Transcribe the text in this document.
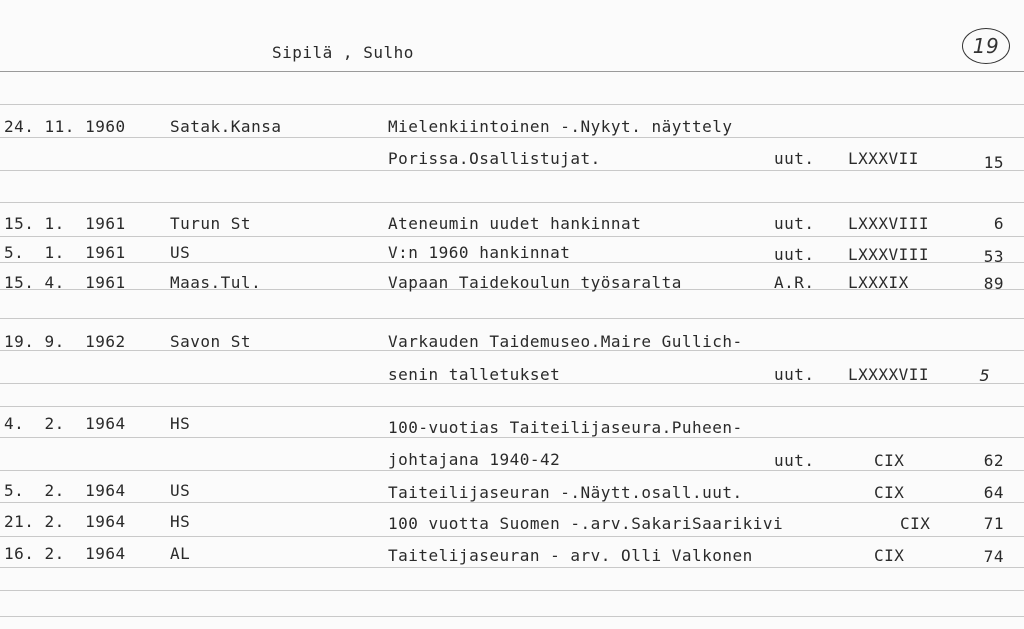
Sipilä , Sulho	19
24. 11. 1960	Satak.Kansa	Mielenkiintoinen -.Nykyt. näyttely
Porissa.Osallistujat.	uut. LXXXVII	15
15. 1.  1961	Turun St	Ateneumin uudet hankinnat	uut. LXXXVIII	6
5.  1.  1961	US	V:n 1960 hankinnat	uut. LXXXVIII	53
15. 4.  1961	Maas.Tul.	Vapaan Taidekoulun työsaralta	A.R. LXXXIX	89
19. 9.  1962	Savon St	Varkauden Taidemuseo.Maire Gullich-
senin talletukset	uut. LXXXXVII	5
4.  2.  1964	HS	100-vuotias Taiteilijaseura.Puheen-
johtajana 1940-42	uut.	CIX	62
5.  2.  1964	US	Taiteilijaseuran -.Näytt.osall.uut.	CIX	64
21. 2.  1964	HS	100 vuotta Suomen -.arv.SakariSaarikivi	CIX	71
16. 2.  1964	AL	Taitelijaseuran - arv. Olli Valkonen	CIX	74
